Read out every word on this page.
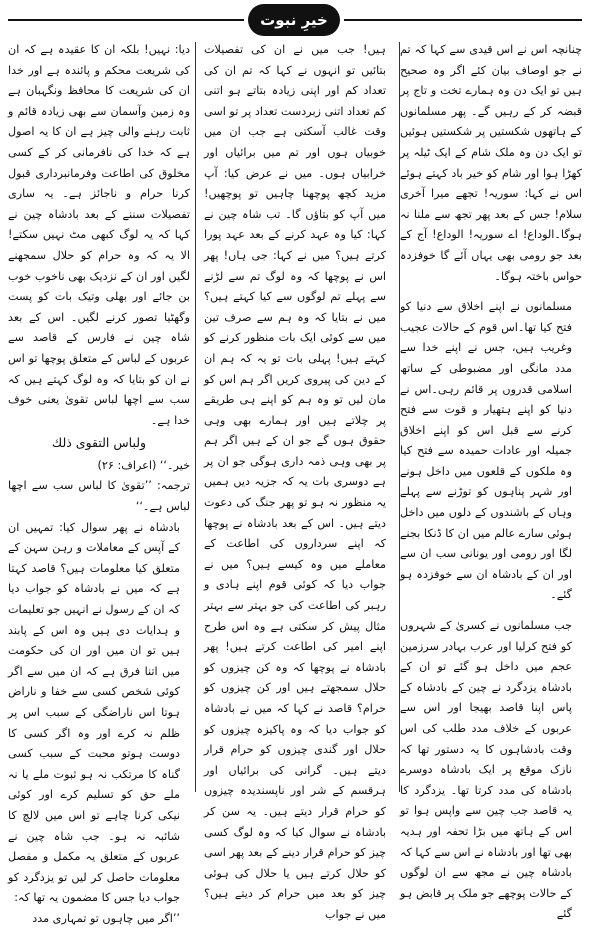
خیرِ نبوت

چنانچہ اس نے اس قیدی سے کہا کہ تم نے جو اوصاف بیان کئے اگر وہ صحیح ہیں تو ایک دن وہ ہمارے تخت و تاج پر قبضہ کر کے رہیں گے۔ پھر مسلمانوں کے ہاتھوں شکستیں پر شکستیں ہوئیں تو ایک دن وہ ملک شام کے ایک ٹیلہ پر کھڑا ہوا اور شام کو خیر باد کہتے ہوئے اس نے کہا: سوریہ! تجھے میرا آخری سلام! جس کے بعد پھر تجھ سے ملنا نہ ہوگا۔الوداع! اے سوریہ! الوداع! آج کے بعد جو رومی بھی یہاں آئے گا خوفزدہ حواس باختہ ہوگا۔

مسلمانوں نے اپنے اخلاق سے دنیا کو فتح کیا تھا۔اس قوم کے حالات عجیب وغریب ہیں، جس نے اپنے خدا سے مدد مانگی اور مضبوطی کے ساتھ اسلامی قدروں پر قائم رہی۔اس نے دنیا کو اپنے ہتھیار و قوت سے فتح کرنے سے قبل اس کو اپنے اخلاق جمیلہ اور عادات حمیدہ سے فتح کیا وہ ملکوں کے قلعوں میں داخل ہونے اور شہر پناہوں کو توڑنے سے پہلے وہاں کے باشندوں کے دلوں میں داخل ہوئی سارے عالم میں ان کا ڈنکا بجنے لگا اور رومی اور یونانی سب ان سے اور ان کے بادشاہ ان سے خوفزدہ ہو گئے۔

جب مسلمانوں نے کسریٰ کے شہروں کو فتح کرلیا اور عرب بہادر سرزمین عجم میں داخل ہو گئے تو ان کے بادشاہ یزدگرد نے چین کے بادشاہ کے پاس اپنا قاصد بھیجا اور اس سے عربوں کے خلاف مدد طلب کی اس وقت بادشاہوں کا یہ دستور تھا کہ نازک موقع پر ایک بادشاہ دوسرے بادشاہ کی مدد کرتا تھا۔ یزدگرد کا یہ قاصد جب چین سے واپس ہوا تو اس کے ہاتھ میں بڑا تحفہ اور ہدیہ بھی تھا اور بادشاہ نے اس سے کہا کہ بادشاہ چین نے مجھ سے ان لوگوں کے حالات پوچھے جو ملک پر قابض ہو گئے

ہیں! جب میں نے ان کی تفصیلات بتائیں تو انہوں نے کہا کہ تم ان کی تعداد کم اور اپنی زیادہ بتاتے ہو اتنی کم تعداد اتنی زبردست تعداد پر تو اسی وقت غالب آسکتی ہے جب ان میں خوبیاں ہوں اور تم میں برائیاں اور خرابیاں ہوں۔ میں نے عرض کیا: آپ مزید کچھ پوچھنا چاہیں تو پوچھیں! میں آپ کو بتاؤں گا۔ تب شاہ چین نے کہا: کیا وہ عہد کرنے کے بعد عہد پورا کرتے ہیں؟ میں نے کہا: جی ہاں! پھر اس نے پوچھا کہ وہ لوگ تم سے لڑنے سے پہلے تم لوگوں سے کیا کہتے ہیں؟ میں نے بتایا کہ وہ ہم سے صرف تین میں سے کوئی ایک بات منظور کرنے کو کہتے ہیں! پہلی بات تو یہ کہ ہم ان کے دین کی پیروی کریں اگر ہم اس کو مان لیں تو وہ ہم کو اپنے ہی طریقے پر چلاتے ہیں اور ہمارے بھی وہی حقوق ہوں گے جو ان کے ہیں اگر ہم پر بھی وہی ذمہ داری ہوگی جو ان پر ہے دوسری بات یہ کہ جزیہ دیں ہمیں یہ منظور نہ ہو تو پھر جنگ کی دعوت دیتے ہیں۔ اس کے بعد بادشاہ نے پوچھا کہ اپنے سرداروں کی اطاعت کے معاملے میں وہ کیسے ہیں؟ میں نے جواب دیا کہ کوئی قوم اپنے ہادی و رہبر کی اطاعت کی جو بہتر سے بہتر مثال پیش کر سکتی ہے وہ اس طرح اپنے امیر کی اطاعت کرتے ہیں! پھر بادشاہ نے پوچھا کہ وہ کن چیزوں کو حلال سمجھتے ہیں اور کن چیزوں کو حرام؟ قاصد نے کہا کہ میں نے بادشاہ کو جواب دیا کہ وہ پاکیزہ چیزوں کو حلال اور گندی چیزوں کو حرام قرار دیتے ہیں۔ گرانی کی برائیاں اور ہرقسم کے شر اور ناپسندیدہ چیزوں کو حرام قرار دیتے ہیں۔ یہ سن کر بادشاہ نے سوال کیا کہ وہ لوگ کسی چیز کو حرام قرار دینے کے بعد پھر اسی کو حلال کرتے ہیں یا حلال کی ہوئی چیز کو بعد میں حرام کر دیتے ہیں؟ میں نے جواب

دیا: نہیں! بلکہ ان کا عقیدہ ہے کہ ان کی شریعت محکم و پائندہ ہے اور خدا ان کی شریعت کا محافظ ونگہبان ہے وہ زمین وآسمان سے بھی زیادہ قائم و ثابت رہنے والی چیز ہے ان کا یہ اصول ہے کہ خدا کی نافرمانی کر کے کسی مخلوق کی اطاعت وفرمانبرداری قبول کرنا حرام و ناجائز ہے۔ یہ ساری تفصیلات سننے کے بعد بادشاہ چین نے کہا کہ یہ لوگ کبھی مٹ نہیں سکتے! الا یہ کہ وہ حرام کو حلال سمجھنے لگیں اور ان کے نزدیک بھی ناخوب خوب بن جائے اور بھلی وتیک بات کو پست وگھٹیا تصور کرنے لگیں۔ اس کے بعد شاہ چین نے فارس کے قاصد سے عربوں کے لباس کے متعلق پوچھا تو اس نے ان کو بتایا کہ وہ لوگ کہتے ہیں کہ سب سے اچھا لباس تقویٰ یعنی خوف خدا ہے۔

ولباس التقوى ذلك

خیر۔‘‘ (اعراف: ۲۶)

ترجمہ: ’’تقویٰ کا لباس سب سے اچھا لباس ہے۔‘‘

بادشاہ نے پھر سوال کیا: تمہیں ان کے آپس کے معاملات و رہن سہن کے متعلق کیا معلومات ہیں؟ قاصد کہتا ہے کہ میں نے بادشاہ کو جواب دیا کہ ان کے رسول نے انہیں جو تعلیمات و ہدایات دی ہیں وہ اس کے پابند ہیں تو ان میں اور ان کی حکومت میں اتنا فرق ہے کہ ان میں سے اگر کوئی شخص کسی سے خفا و ناراض ہوتا اس ناراضگی کے سبب اس پر ظلم نہ کرے اور وہ اگر کسی کا دوست ہوتو محبت کے سبب کسی گناہ کا مرتکب نہ ہو ثبوت ملے یا نہ ملے حق کو تسلیم کرے اور کوئی نیکی کرنا چاہے تو اس میں لالچ کا شائبہ نہ ہو۔ جب شاہ چین نے عربوں کے متعلق یہ مکمل و مفصل معلومات حاصل کر لیں تو یزدگرد کو جواب دیا جس کا مضمون یہ تھا کہ:

’’اگر میں چاہوں تو تمہاری مدد
